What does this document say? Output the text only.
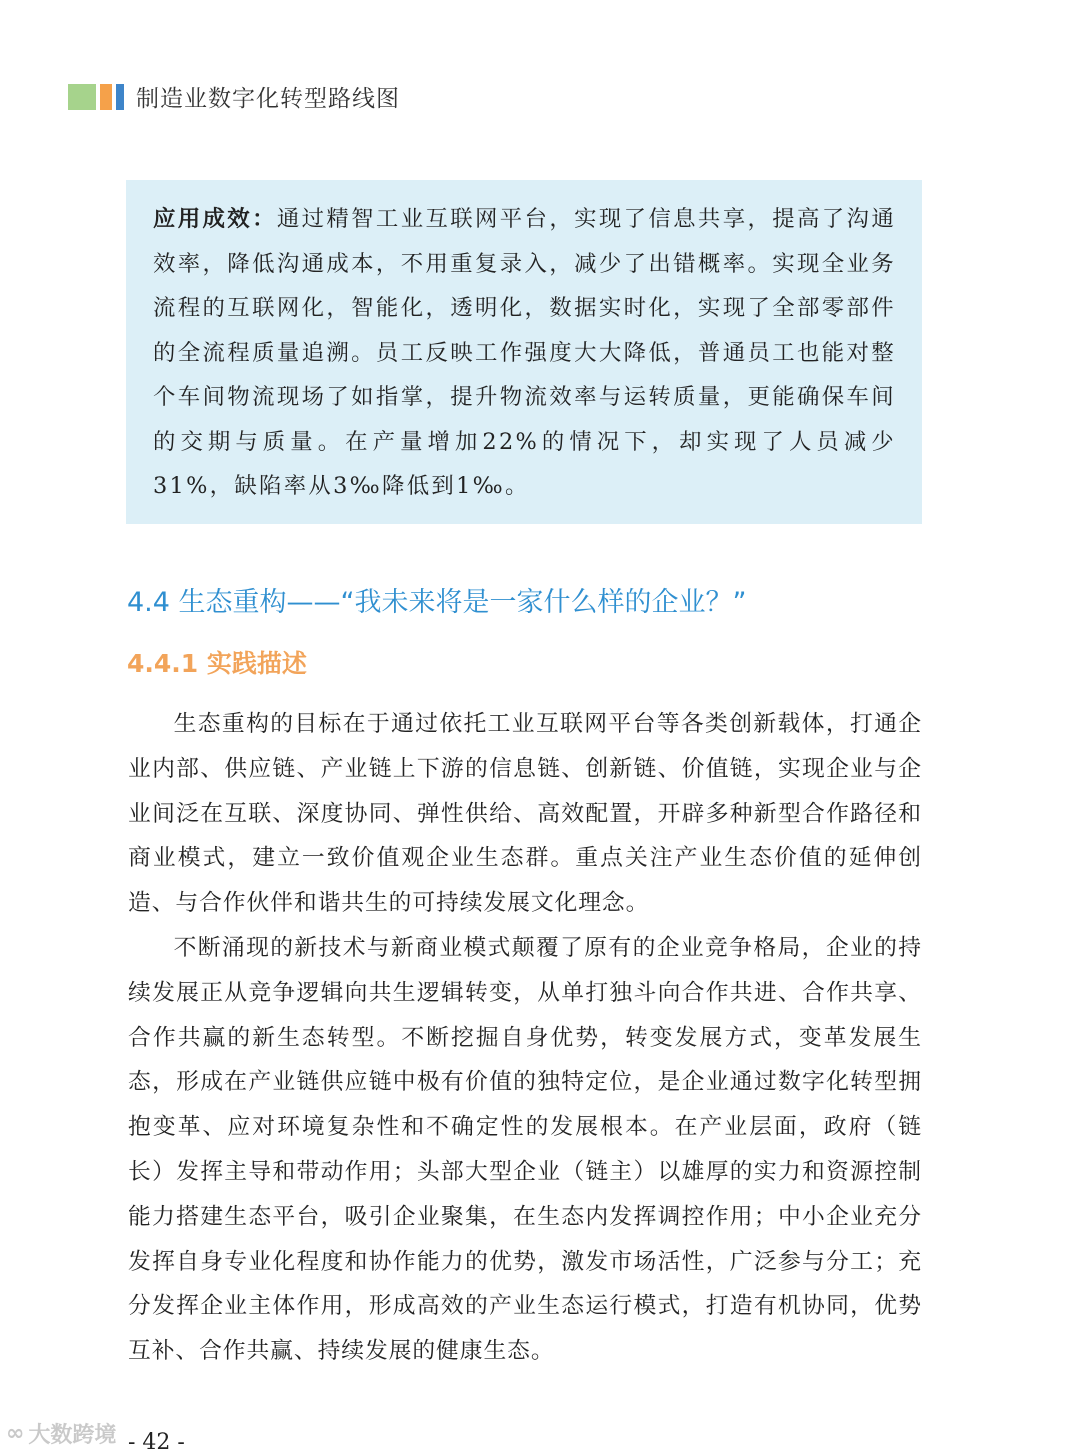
制造业数字化转型路线图

应用成效：通过精智工业互联网平台，实现了信息共享，提高了沟通效率，降低沟通成本，不用重复录入，减少了出错概率。实现全业务流程的互联网化，智能化，透明化，数据实时化，实现了全部零部件的全流程质量追溯。员工反映工作强度大大降低，普通员工也能对整个车间物流现场了如指掌，提升物流效率与运转质量，更能确保车间的交期与质量。在产量增加22%的情况下，却实现了人员减少31%，缺陷率从3‰降低到1‰。

4.4 生态重构——“我未来将是一家什么样的企业？”
4.4.1 实践描述

生态重构的目标在于通过依托工业互联网平台等各类创新载体，打通企业内部、供应链、产业链上下游的信息链、创新链、价值链，实现企业与企业间泛在互联、深度协同、弹性供给、高效配置，开辟多种新型合作路径和商业模式，建立一致价值观企业生态群。重点关注产业生态价值的延伸创造、与合作伙伴和谐共生的可持续发展文化理念。

不断涌现的新技术与新商业模式颠覆了原有的企业竞争格局，企业的持续发展正从竞争逻辑向共生逻辑转变，从单打独斗向合作共进、合作共享、合作共赢的新生态转型。不断挖掘自身优势，转变发展方式，变革发展生态，形成在产业链供应链中极有价值的独特定位，是企业通过数字化转型拥抱变革、应对环境复杂性和不确定性的发展根本。在产业层面，政府（链长）发挥主导和带动作用；头部大型企业（链主）以雄厚的实力和资源控制能力搭建生态平台，吸引企业聚集，在生态内发挥调控作用；中小企业充分发挥自身专业化程度和协作能力的优势，激发市场活性，广泛参与分工；充分发挥企业主体作用，形成高效的产业生态运行模式，打造有机协同，优势互补、合作共赢、持续发展的健康生态。

∞ 大数跨境 - 42 -
